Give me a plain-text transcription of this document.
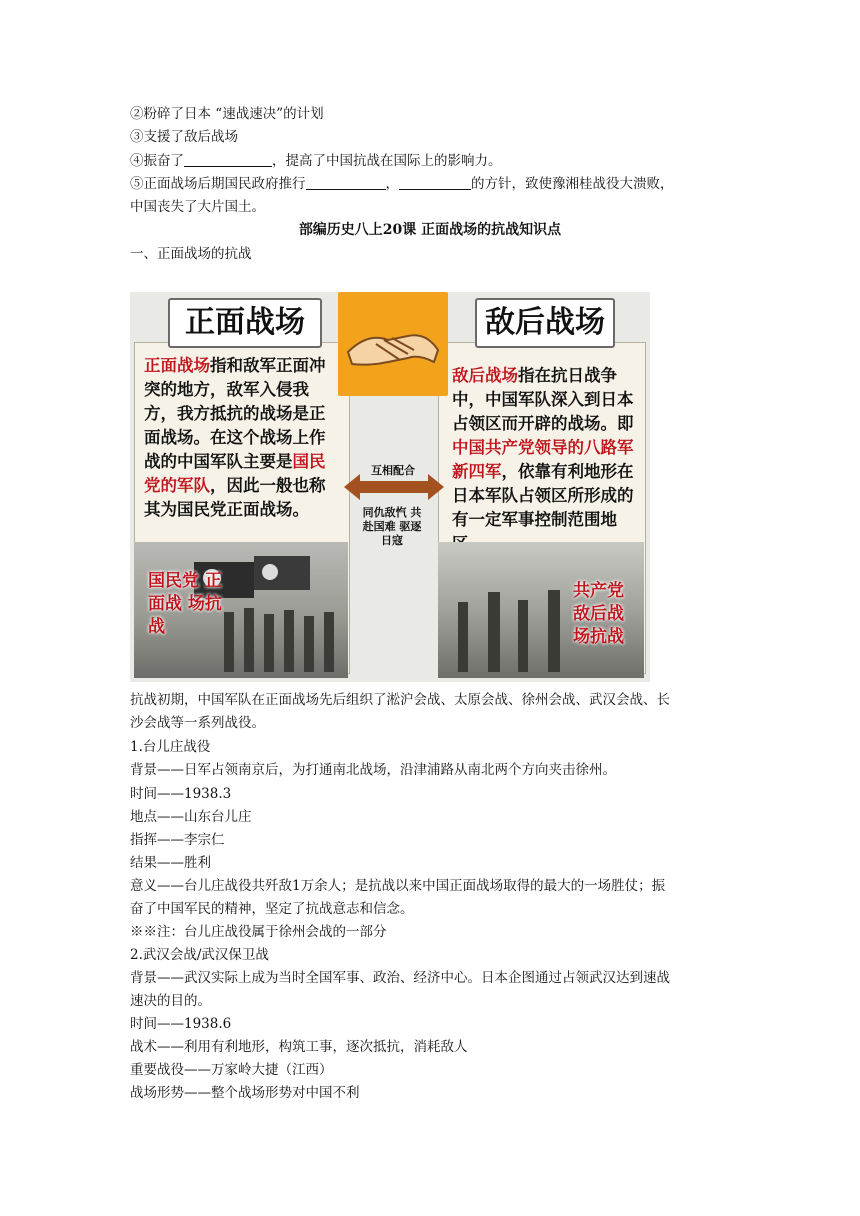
②粉碎了日本 “速战速决”的计划
③支援了敌后战场
④振奋了	，提高了中国抗战在国际上的影响力。
⑤正面战场后期国民政府推行	，	的方针，致使豫湘桂战役大溃败，
中国丧失了大片国土。
部编历史八上20课 正面战场的抗战知识点
一、正面战场的抗战
正面战场	敌后战场
正面战场指和敌军正面冲突的地方，敌军入侵我方，我方抵抗的战场是正面战场。在这个战场上作战的中国军队主要是国民党的军队，因此一般也称其为国民党正面战场。
敌后战场指在抗日战争中，中国军队深入到日本占领区而开辟的战场。即中国共产党领导的八路军新四军，依靠有利地形在日本军队占领区所形成的有一定军事控制范围地
互相配合
同仇敌忾 共赴国难 驱逐日寇
国民党 正面战 场抗战
共产党 敌后战 场抗战
抗战初期，中国军队在正面战场先后组织了淞沪会战、太原会战、徐州会战、武汉会战、长
沙会战等一系列战役。
1.台儿庄战役
背景——日军占领南京后，为打通南北战场，沿津浦路从南北两个方向夹击徐州。
时间——1938.3
地点——山东台儿庄
指挥——李宗仁
结果——胜利
意义——台儿庄战役共歼敌1万余人；是抗战以来中国正面战场取得的最大的一场胜仗；振
奋了中国军民的精神，坚定了抗战意志和信念。
※※注：台儿庄战役属于徐州会战的一部分
2.武汉会战/武汉保卫战
背景——武汉实际上成为当时全国军事、政治、经济中心。日本企图通过占领武汉达到速战
速决的目的。
时间——1938.6
战术——利用有利地形，构筑工事，逐次抵抗，消耗敌人
重要战役——万家岭大捷（江西）
战场形势——整个战场形势对中国不利
